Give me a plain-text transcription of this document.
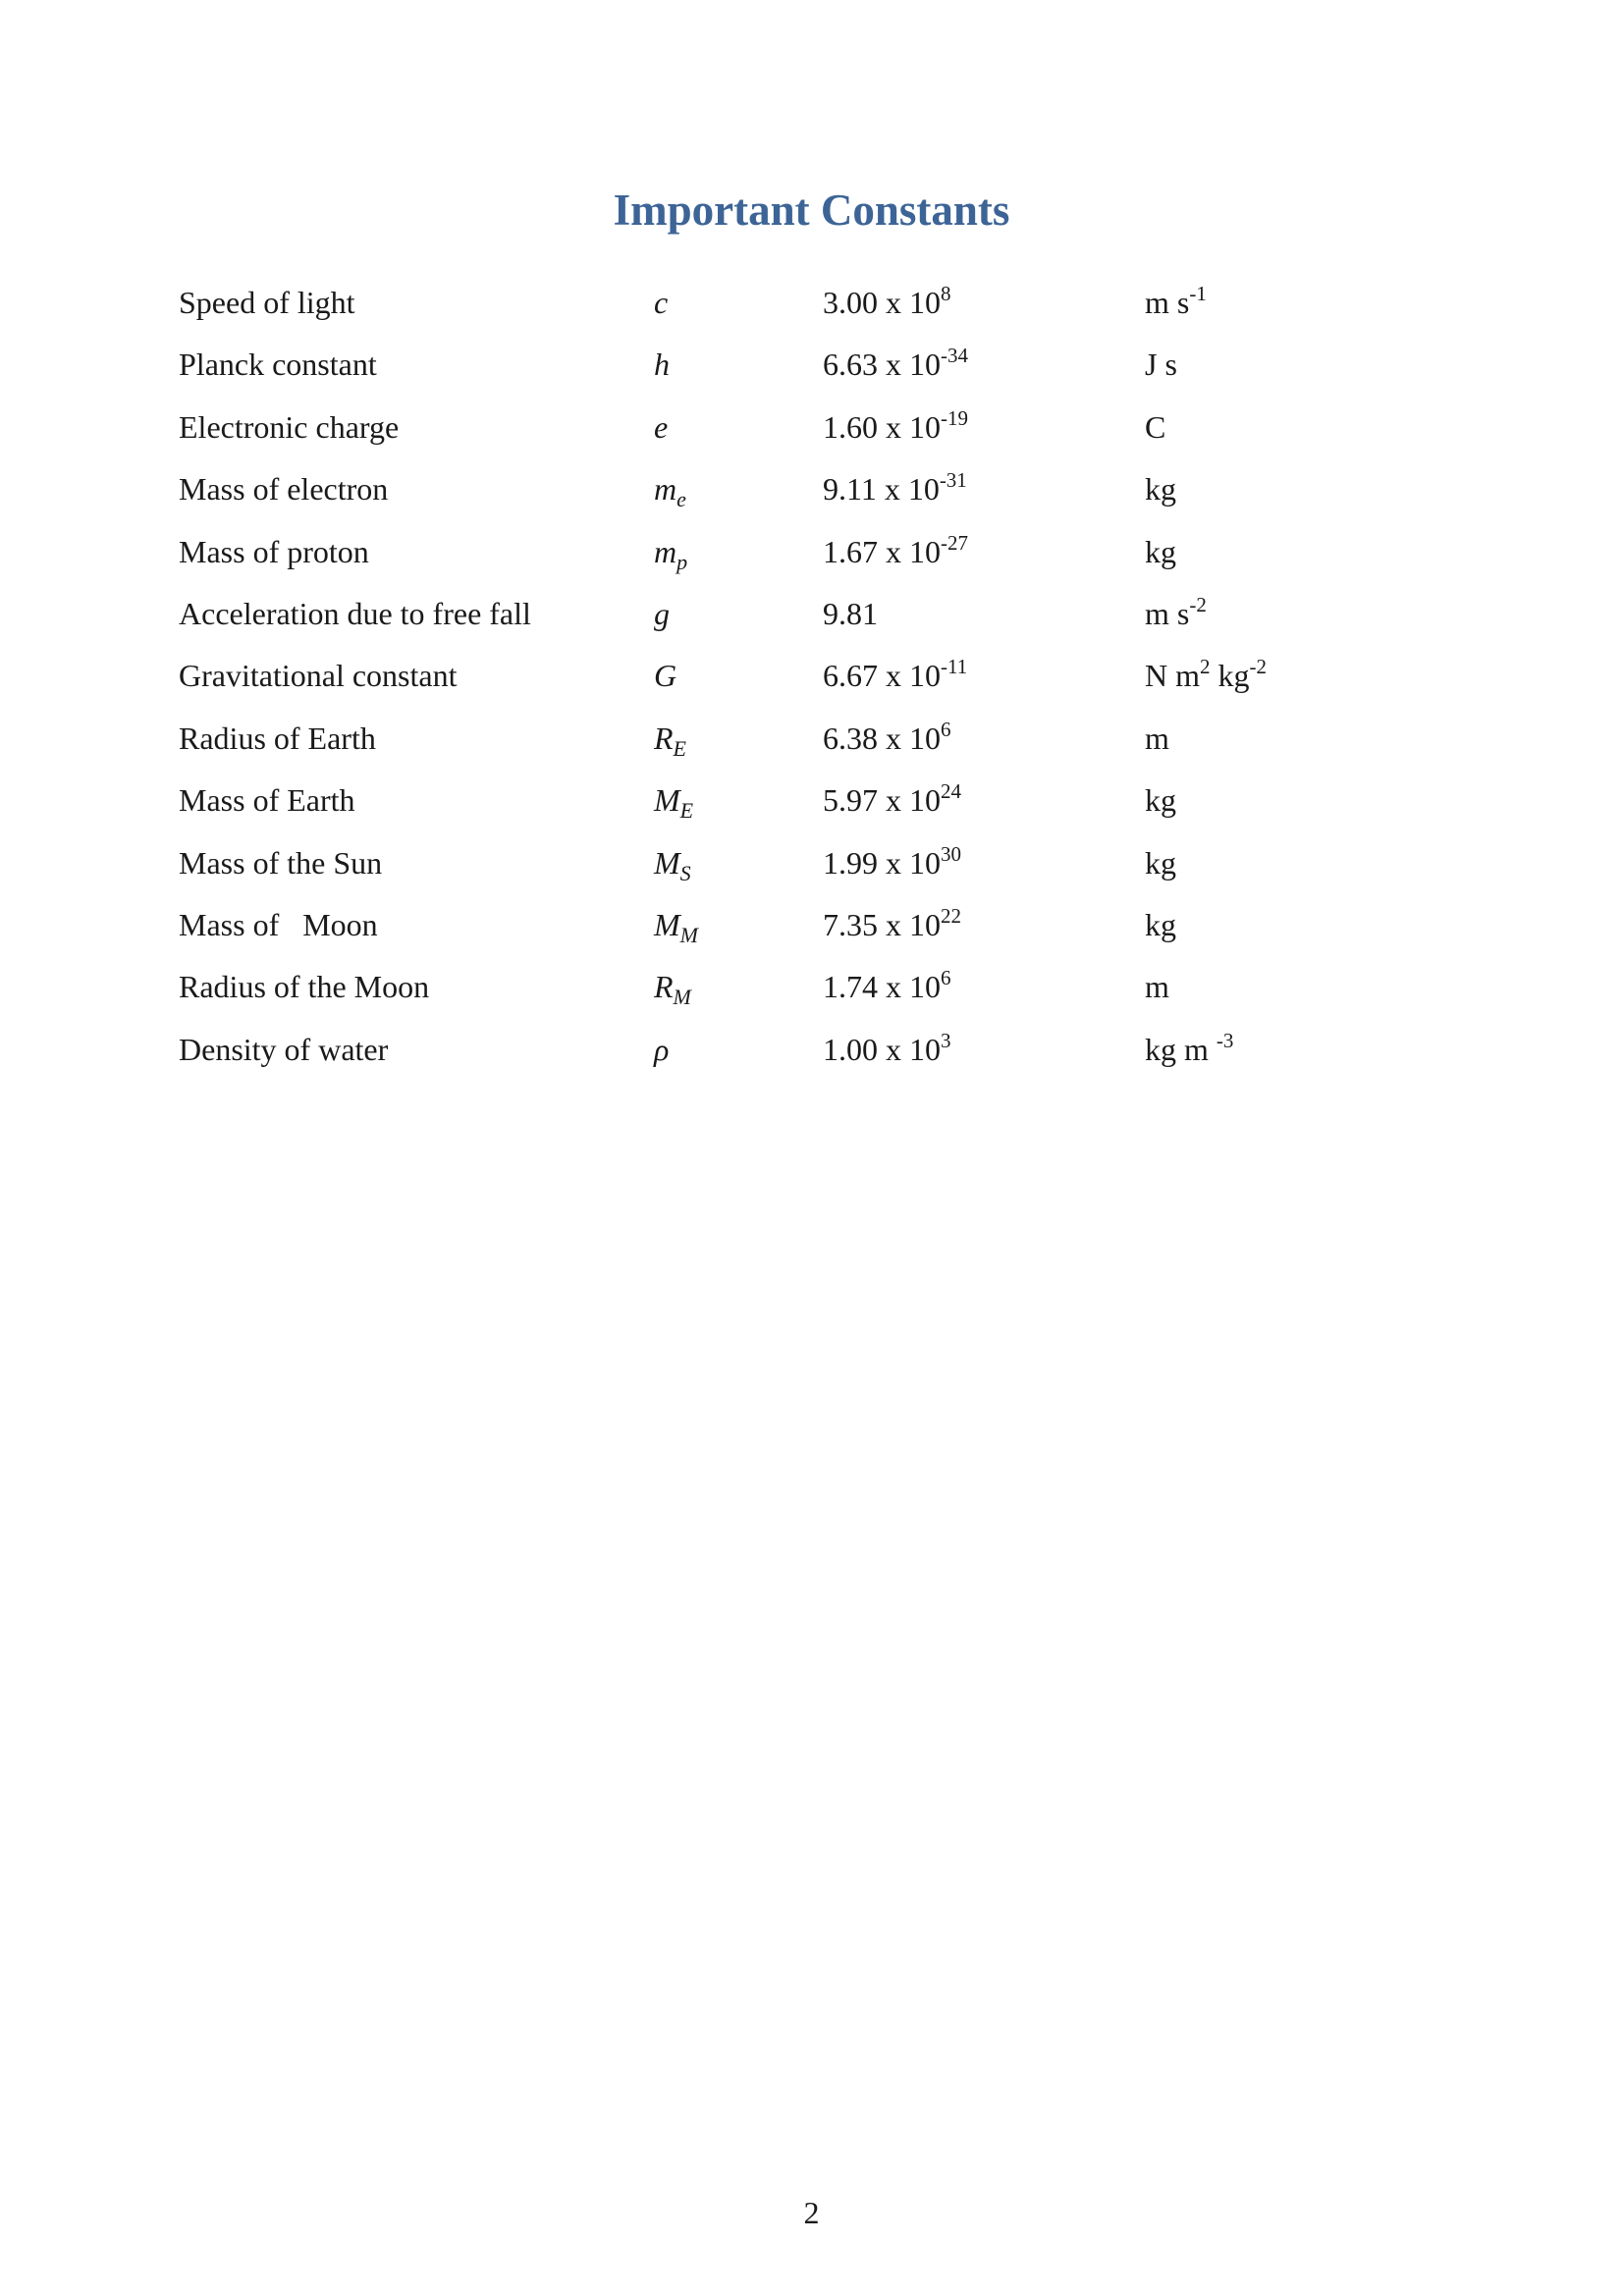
Important Constants
Speed of light	c	3.00 x $10^8$	m $s^{-1}$
Planck constant	h	6.63 x $10^{-34}$	J s
Electronic charge	e	1.60 x $10^{-19}$	C
Mass of electron	$m_e$	9.11 x $10^{-31}$	kg
Mass of proton	$m_p$	1.67 x $10^{-27}$	kg
Acceleration due to free fall	g	9.81	m $s^{-2}$
Gravitational constant	G	6.67 x $10^{-11}$	N $m^2$ $kg^{-2}$
Radius of Earth	$R_E$	6.38 x $10^6$	m
Mass of Earth	$M_E$	5.97 x $10^{24}$	kg
Mass of the Sun	$M_S$	1.99 x $10^{30}$	kg
Mass of   Moon	$M_M$	7.35 x $10^{22}$	kg
Radius of the Moon	$R_M$	1.74 x $10^6$	m
Density of water	ρ	1.00 x $10^3$	kg m $^{-3}$
2
